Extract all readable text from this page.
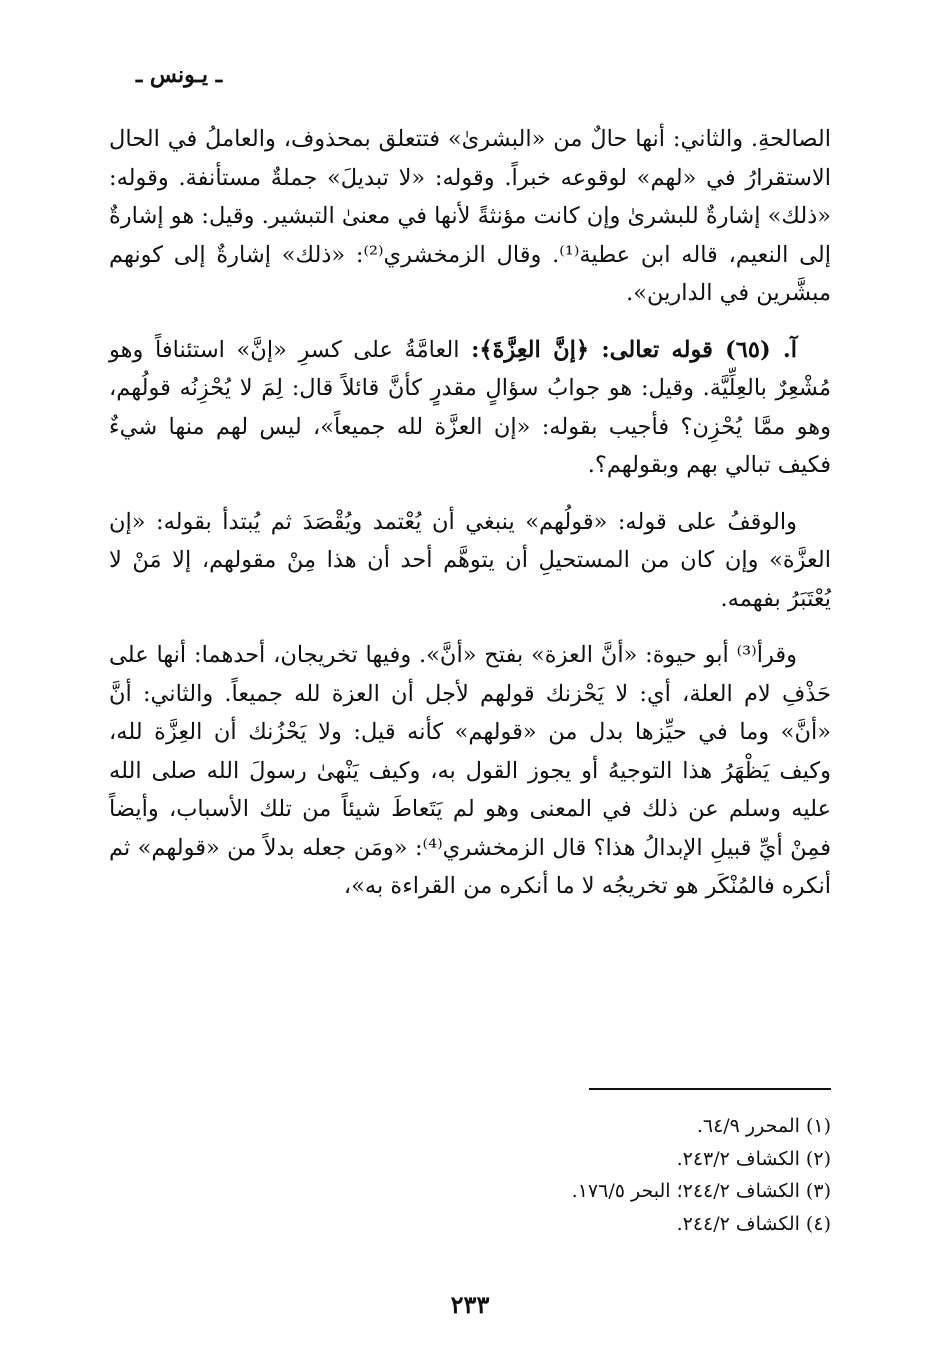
ـ يـونس ـ

الصالحةِ. والثاني: أنها حالٌ من «البشرىٰ» فتتعلق بمحذوف، والعاملُ في الحال الاستقرارُ في «لهم» لوقوعه خبراً. وقوله: «لا تبديلَ» جملةٌ مستأنفة. وقوله: «ذلك» إشارةٌ للبشرىٰ وإن كانت مؤنثةً لأنها في معنىٰ التبشير. وقيل: هو إشارةٌ إلى النعيم، قاله ابن عطية⁽¹⁾. وقال الزمخشري⁽²⁾: «ذلك» إشارةٌ إلى كونهم مبشَّرين في الدارين».

آ. (٦٥) قوله تعالى: ﴿إنَّ العِزَّةَ﴾: العامَّةُ على كسرِ «إنَّ» استئنافاً وهو مُشْعِرٌ بالعِلِّيَّة. وقيل: هو جوابُ سؤالٍ مقدرٍ كأنَّ قائلاً قال: لِمَ لا يُحْزِنُه قولُهم، وهو ممَّا يُحْزِن؟ فأجيب بقوله: «إن العزَّة لله جميعاً»، ليس لهم منها شيءٌ فكيف تبالي بهم وبقولهم؟.

والوقفُ على قوله: «قولُهم» ينبغي أن يُعْتمد ويُقْصَدَ ثم يُبتدأ بقوله: «إن العزَّة» وإن كان من المستحيلِ أن يتوهَّم أحد أن هذا مِنْ مقولهم، إلا مَنْ لا يُعْتَبَرُ بفهمه.

وقرأ⁽³⁾ أبو حيوة: «أنَّ العزة» بفتح «أنَّ». وفيها تخريجان، أحدهما: أنها على حَذْفِ لام العلة، أي: لا يَحْزنك قولهم لأجل أن العزة لله جميعاً. والثاني: أنَّ «أنَّ» وما في حيِّزها بدل من «قولهم» كأنه قيل: ولا يَحْزُنك أن العِزَّة لله، وكيف يَظْهَرُ هذا التوجيهُ أو يجوز القول به، وكيف يَنْهىٰ رسولَ الله صلى الله عليه وسلم عن ذلك في المعنى وهو لم يَتَعاطَ شيئاً من تلك الأسباب، وأيضاً فمِنْ أيِّ قبيلِ الإبدالُ هذا؟ قال الزمخشري⁽⁴⁾: «ومَن جعله بدلاً من «قولهم» ثم أنكره فالمُنْكَر هو تخريجُه لا ما أنكره من القراءة به»،

(١) المحرر ٦٤/٩.

(٢) الكشاف ٢٤٣/٢.

(٣) الكشاف ٢٤٤/٢؛ البحر ١٧٦/٥.

(٤) الكشاف ٢٤٤/٢.

٢٣٣
